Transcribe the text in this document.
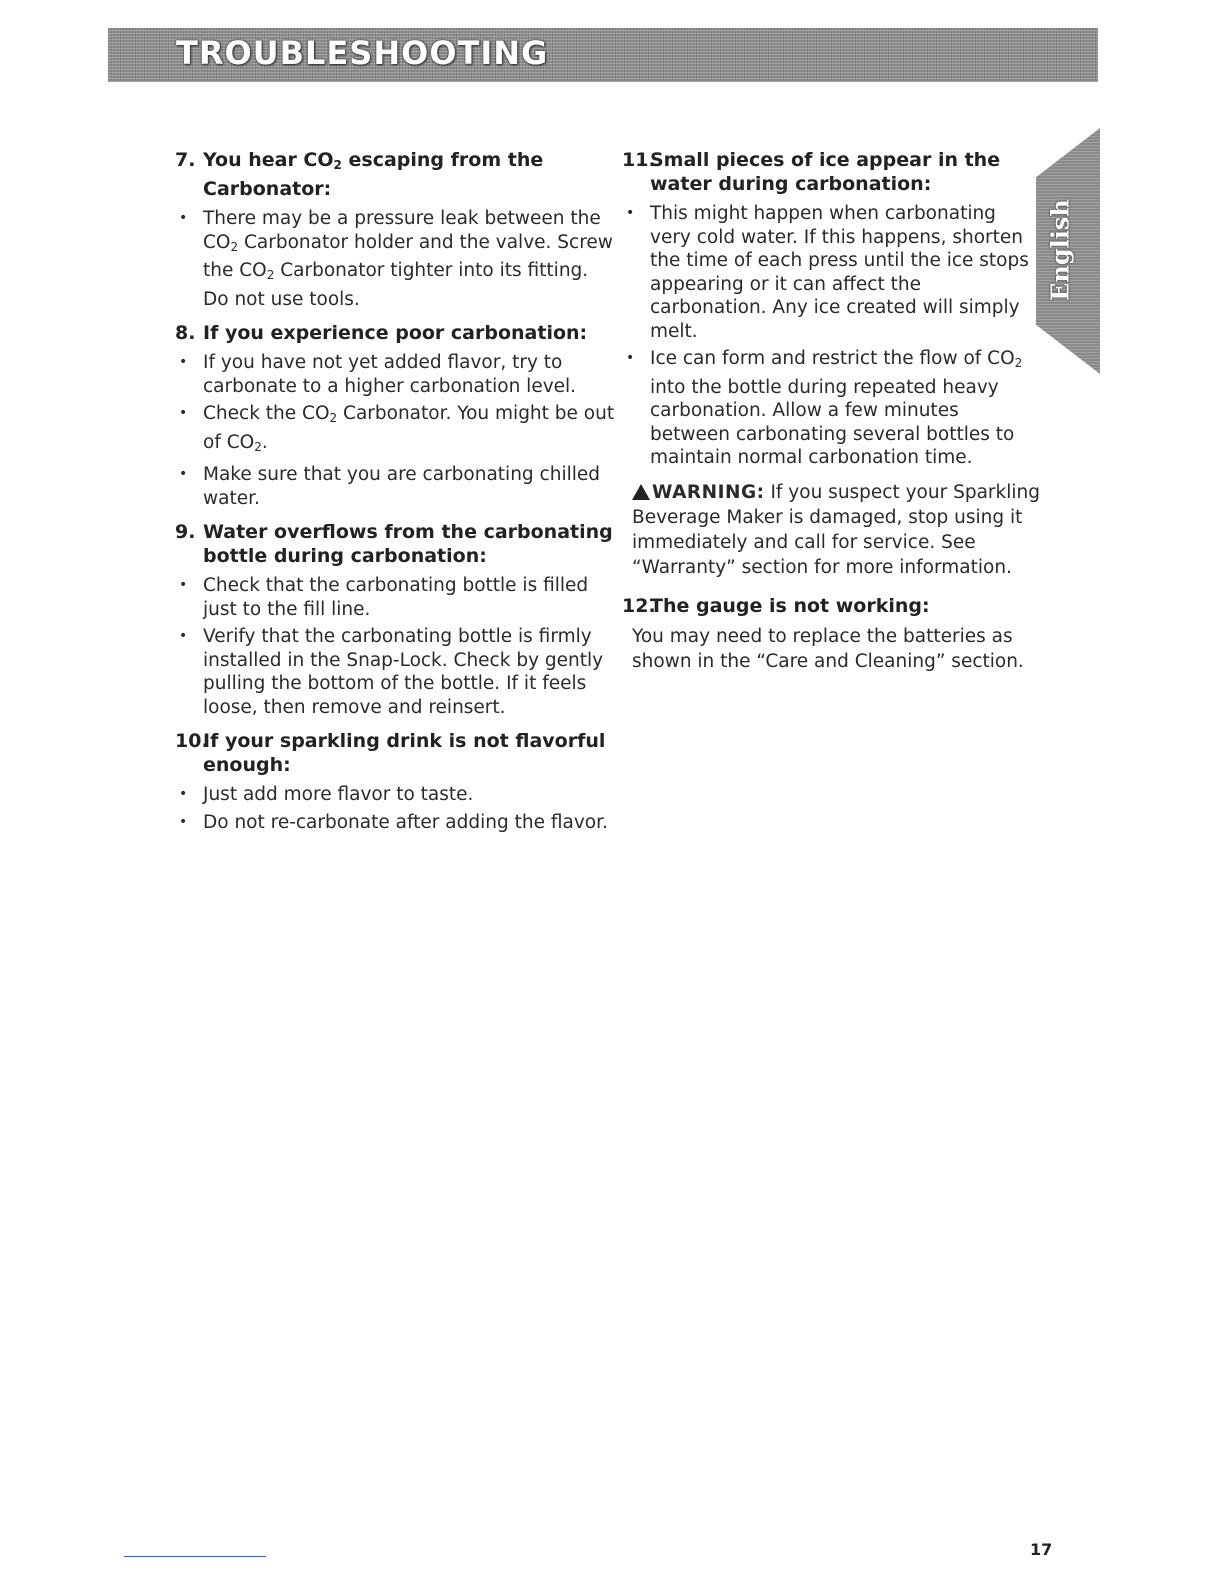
TROUBLESHOOTING
English
7. You hear $CO_2$ escaping from the Carbonator:
• There may be a pressure leak between the $CO_2$ Carbonator holder and the valve. Screw the $CO_2$ Carbonator tighter into its fitting. Do not use tools.
8. If you experience poor carbonation:
• If you have not yet added flavor, try to carbonate to a higher carbonation level.
• Check the $CO_2$ Carbonator. You might be out of $CO_2$.
• Make sure that you are carbonating chilled water.
9. Water overflows from the carbonating bottle during carbonation:
• Check that the carbonating bottle is filled just to the fill line.
• Verify that the carbonating bottle is firmly installed in the Snap-Lock. Check by gently pulling the bottom of the bottle. If it feels loose, then remove and reinsert.
10.
If your sparkling drink is not flavorful enough:
• Just add more flavor to taste.
• Do not re-carbonate after adding the flavor.
11.
Small pieces of ice appear in the water during carbonation:
• This might happen when carbonating very cold water. If this happens, shorten the time of each press until the ice stops appearing or it can affect the carbonation. Any ice created will simply melt.
• Ice can form and restrict the flow of $CO_2$ into the bottle during repeated heavy carbonation. Allow a few minutes between carbonating several bottles to maintain normal carbonation time.
WARNING: If you suspect your Sparkling Beverage Maker is damaged, stop using it immediately and call for service. See “Warranty” section for more information.
12.
The gauge is not working:

You may need to replace the batteries as shown in the “Care and Cleaning” section.

17
